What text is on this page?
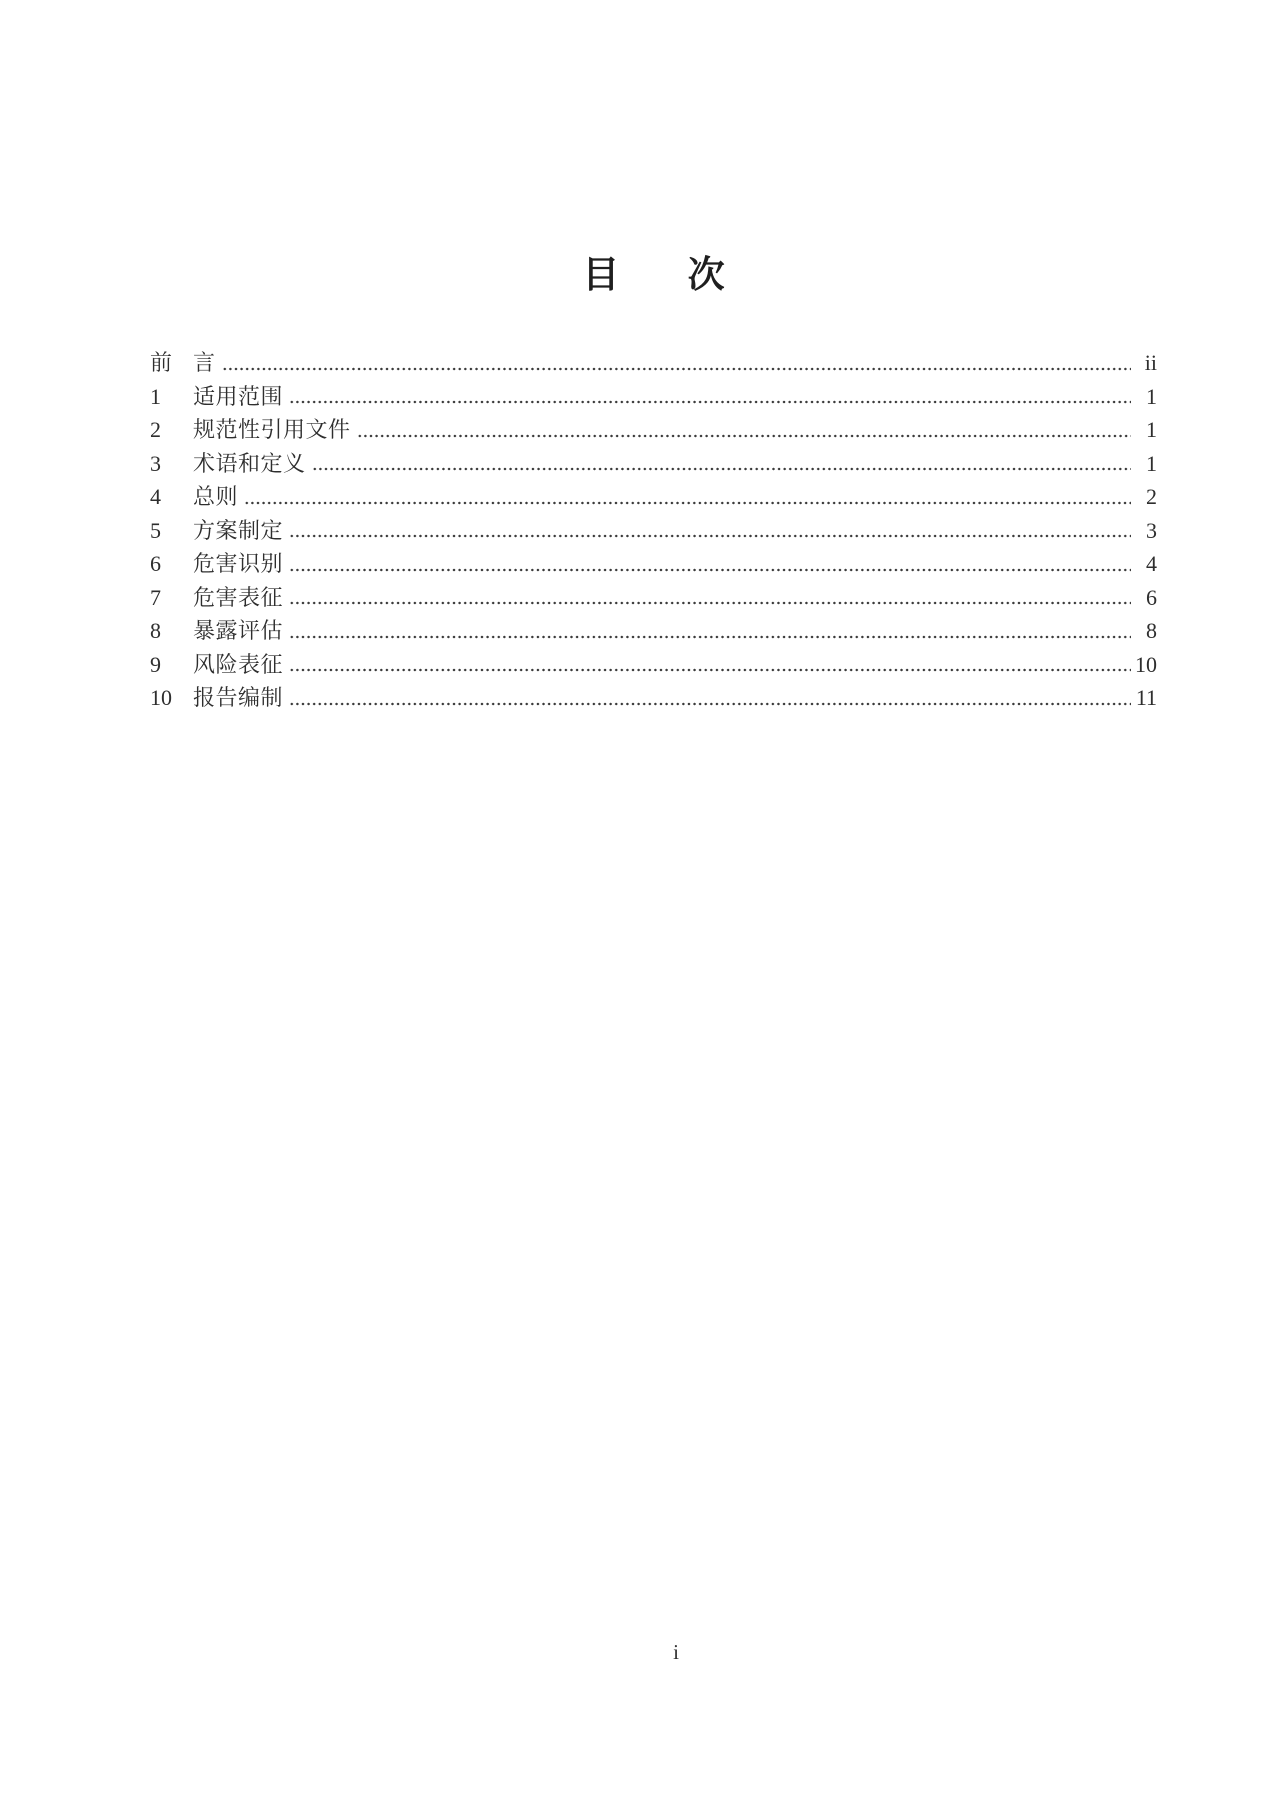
目 次
前 言	ii
1	适用范围	1
2	规范性引用文件	1
3	术语和定义	1
4	总则	2
5	方案制定	3
6	危害识别	4
7	危害表征	6
8	暴露评估	8
9	风险表征	10
10 报告编制	11
i
